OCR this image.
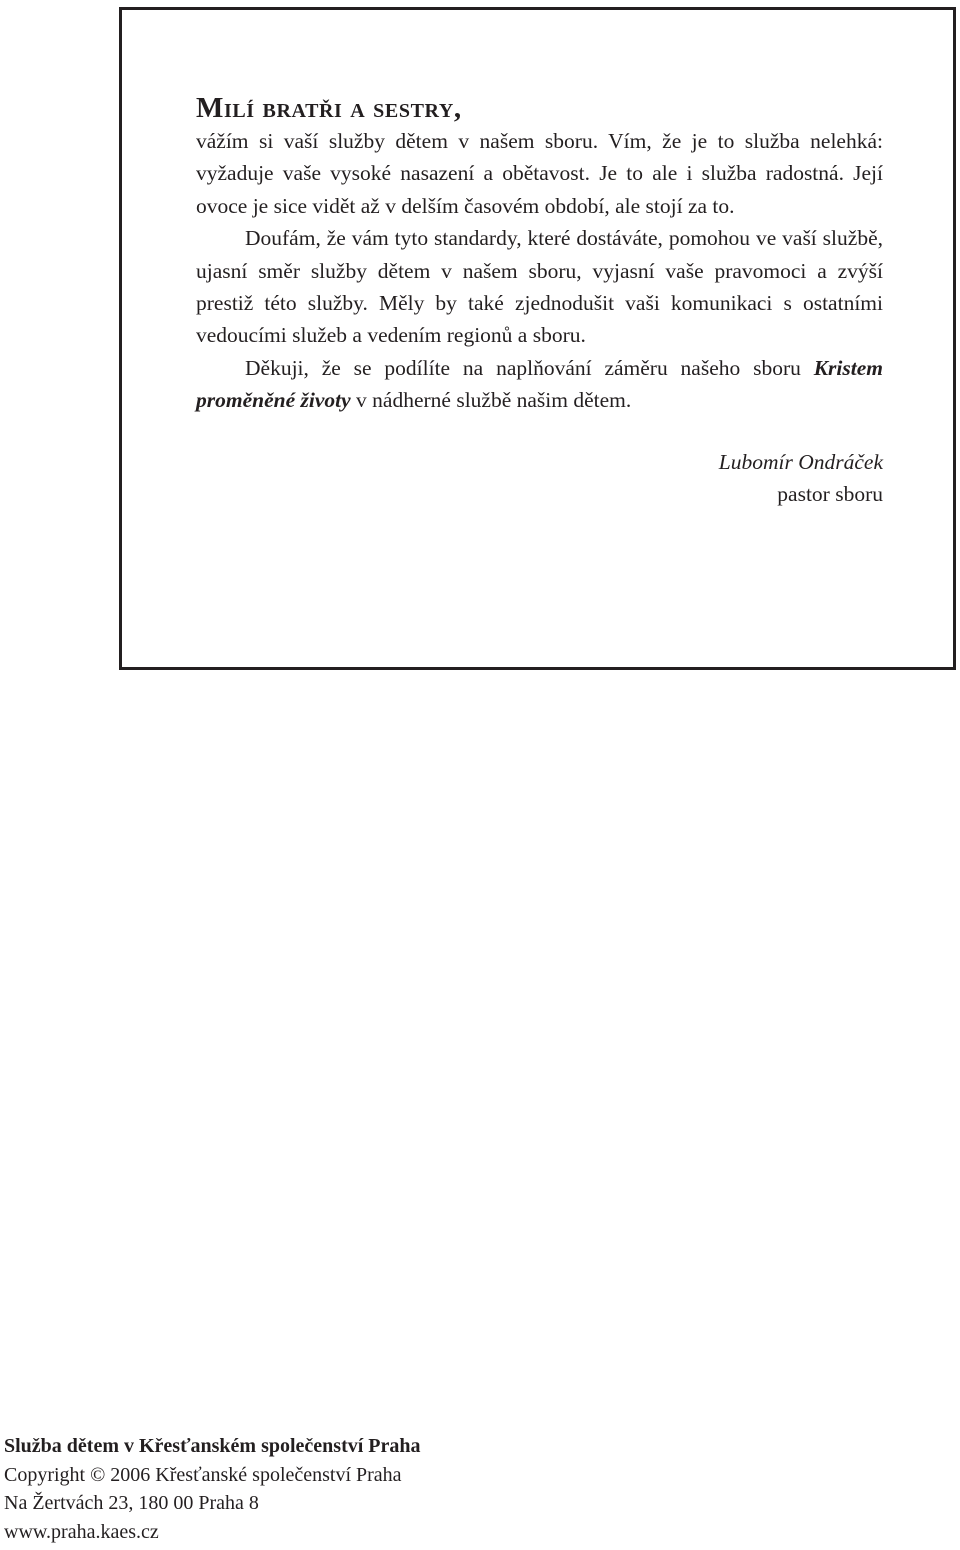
Milí bratři a sestry,

vážím si vaší služby dětem v našem sboru. Vím, že je to služba nelehká: vyžaduje vaše vysoké nasazení a obětavost. Je to ale i služba radostná. Její ovoce je sice vidět až v delším časovém období, ale stojí za to.

Doufám, že vám tyto standardy, které dostáváte, pomohou ve vaší službě, ujasní směr služby dětem v našem sboru, vyjasní vaše pravomoci a zvýší prestiž této služby. Měly by také zjednodušit vaši komunikaci s ostatními vedoucími služeb a vedením regionů a sboru.

Děkuji, že se podílíte na naplňování záměru našeho sboru Kristem proměněné životy v nádherné službě našim dětem.

Lubomír Ondráček
pastor sboru
Služba dětem v Křesťanském společenství Praha
Copyright © 2006 Křesťanské společenství Praha
Na Žertvách 23, 180 00 Praha 8
www.praha.kaes.cz
